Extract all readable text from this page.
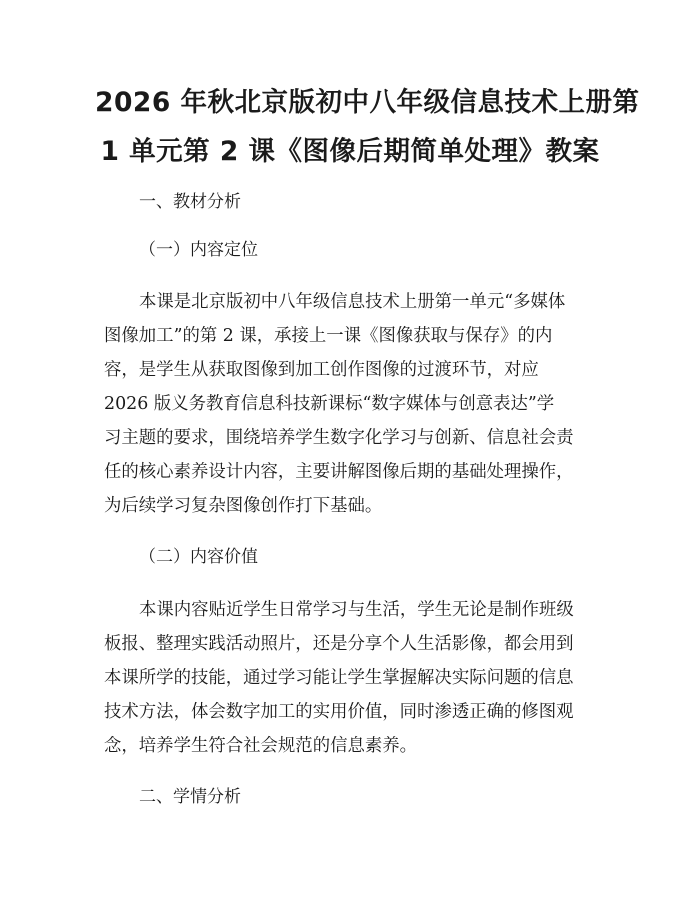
2026 年秋北京版初中八年级信息技术上册第
1 单元第 2 课《图像后期简单处理》教案
一、教材分析
（一）内容定位
本课是北京版初中八年级信息技术上册第一单元“多媒体
图像加工”的第 2 课，承接上一课《图像获取与保存》的内
容，是学生从获取图像到加工创作图像的过渡环节，对应
2026 版义务教育信息科技新课标“数字媒体与创意表达”学
习主题的要求，围绕培养学生数字化学习与创新、信息社会责
任的核心素养设计内容，主要讲解图像后期的基础处理操作，
为后续学习复杂图像创作打下基础。
（二）内容价值
本课内容贴近学生日常学习与生活，学生无论是制作班级
板报、整理实践活动照片，还是分享个人生活影像，都会用到
本课所学的技能，通过学习能让学生掌握解决实际问题的信息
技术方法，体会数字加工的实用价值，同时渗透正确的修图观
念，培养学生符合社会规范的信息素养。
二、学情分析
